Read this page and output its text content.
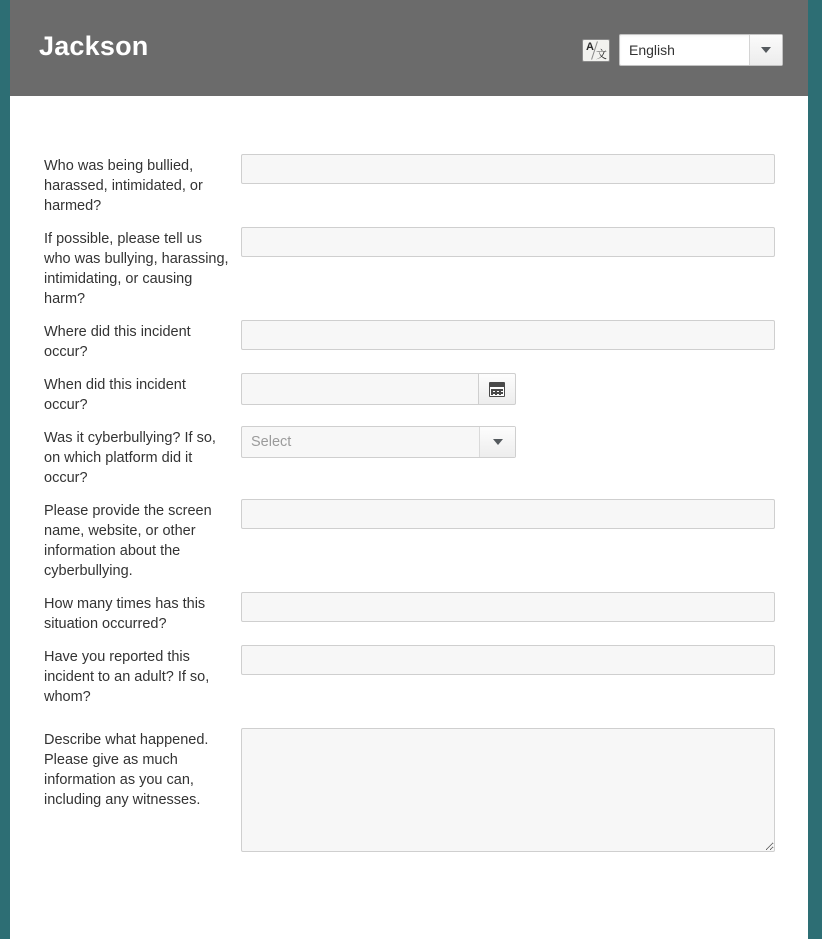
Jackson	A
文	English
Who was being bullied, harassed, intimidated, or harmed?
If possible, please tell us who was bullying, harassing, intimidating, or causing harm?
Where did this incident occur?
When did this incident occur?
Was it cyberbullying? If so, on which platform did it occur?
Select
Please provide the screen name, website, or other information about the cyberbullying.
How many times has this situation occurred?
Have you reported this incident to an adult? If so, whom?
Describe what happened. Please give as much information as you can, including any witnesses.
